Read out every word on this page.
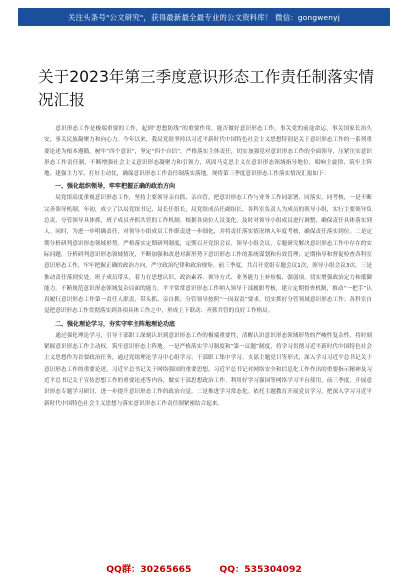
关注头条号"公文研究"，获得最新最全最专业的公文资料库！ 微信：gongwenyj
关于2023年第三季度意识形态工作责任制落实情况汇报

意识形态工作是极端重要的工作，起到“思想防线”的重要作用，能否做好意识形态工作，事关党的前途命运，事关国家长治久安，事关民族凝聚力和向心力。今年以来，我局党组坚持以习近平新时代中国特色社会主义思想特别是关于意识形态工作的一系列重要论述为根本遵循，树牢“四个意识”，坚定“四个自信”，严格落实主体责任，切实加强党对意识形态工作的全面领导，压紧压实意识形态工作责任制，不断增强社会主义意识形态凝聚力和引领力，巩固马克思主义在意识形态领域指导地位，唱响主旋律、筑牢主阵地、建强主力军、打好主动仗，确保意识形态工作责任制落实落地。现将第三季度意识形态工作落实情况汇报如下：

一、强化组织领导，牢牢把握正确的政治方向

局党组高度重视意识形态工作，坚持主要领导亲自抓、亲自管，把意识形态工作与业务工作同部署、同落实、同考核，一是不断完善领导机制。年初，成立了以局党组书记、局长任组长，局党组成员任副组长，各科室负责人为成员的领导小组，实行主要领导负总责、分管领导具体抓，班子成员齐抓共管的工作机制。根据各岗位人员变化，及时对领导小组成员进行调整，确保责任具体落实到人。同时，为进一步明确责任，对领导小组成员工作职责进一步细化，并将责任落实情况纳入年度考核，确保责任落实到位。二是定期分析研判意识形态领域形势。严格落实定期研判制度，定期召开党组会议、领导小组会议，专题研究解决意识形态工作中存在的实际问题，分析研判意识形态领域情况，不断加强和改进对新形势下意识形态工作的系统谋划和有效管理；定期指导和督促检查各科室意识形态工作，牢牢把握正确的政治方向，严守政治纪律和政治规矩。前三季度，共召开党组专题会议1次，领导小组会议3次。三是推动责任落到实处。班子成员带头，着力在思想认识、政治素养、领导方式、业务能力上补短板、强弱项，切实增强政治定力和抵御能力。不断规范意识形态领域复杂局面的能力，平平常常意识形态工作纳入领导干部履职考核，建立定期督查机制，推动“一把手”认真履行意识形态工作第一责任人职责，带头抓、亲自抓；分管领导按照“一岗双责”要求，切实抓好分管领域意识形态工作；各科室自觉把意识形态工作贯彻落实到各项具体工作之中，形成上下联动、齐抓共管的良好工作格局。

二、强化理论学习，夯实守牢主阵地理论功底

通过强化理论学习，引导干部职工深刻认识到意识形态工作的极端重要性，清醒认识意识形态领域形势的严峻性复杂性，将时刻紧握意识形态工作主动权，筑牢意识形态主阵地。一是严格落实学习制度和“第一议题”制度，将学习贯彻习近平新时代中国特色社会主义思想作为首要政治任务，通过党组理论学习中心组学习、干部职工集中学习、支部主题党日等形式，深入学习习近平总书记关于意识形态工作的重要论述，习近平总书记关于网络强国的重要思想、习近平总书记对网络安全和信息化工作作出的重要指示精神及习近平总书记关于宣传思想工作的重要论述等内容，做实干部思想政治工作。利用好学习强国等网络学习平台使用，前三季度，开展意识形态专题学习研讨，进一步提升意识形态工作的政治自觉。二是推进学习常态化。依托主题教育开展党员学习，把深入学习习近平新时代中国特色社会主义思想与落实意识形态工作责任制紧密结合起来。

QQ群：30265665	QQ：535304092
